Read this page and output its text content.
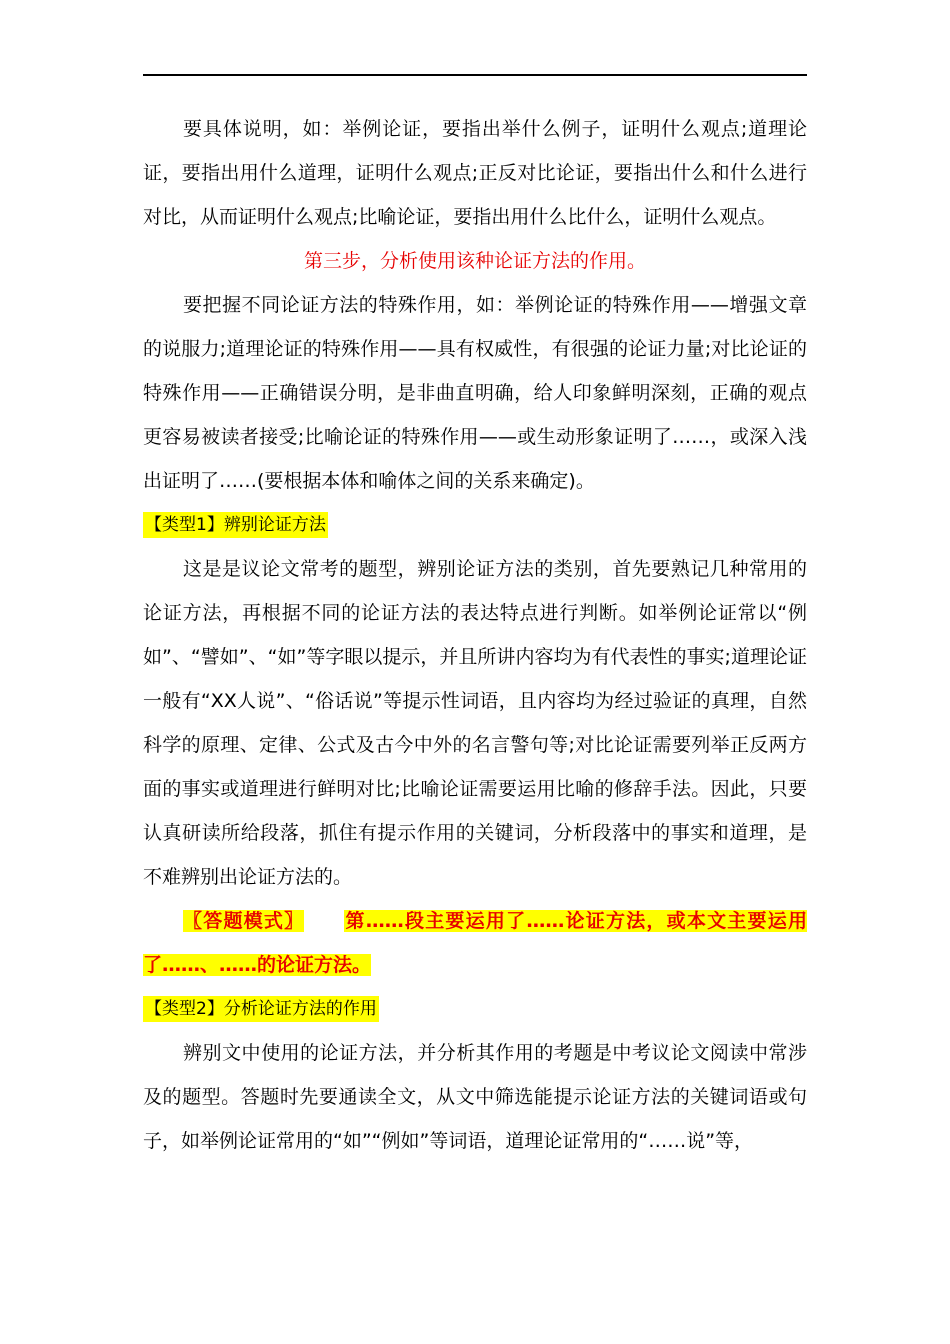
要具体说明，如：举例论证，要指出举什么例子，证明什么观点;道理论证，要指出用什么道理，证明什么观点;正反对比论证，要指出什么和什么进行对比，从而证明什么观点;比喻论证，要指出用什么比什么，证明什么观点。

第三步，分析使用该种论证方法的作用。

要把握不同论证方法的特殊作用，如：举例论证的特殊作用——增强文章的说服力;道理论证的特殊作用——具有权威性，有很强的论证力量;对比论证的特殊作用——正确错误分明，是非曲直明确，给人印象鲜明深刻，正确的观点更容易被读者接受;比喻论证的特殊作用——或生动形象证明了……，或深入浅出证明了……(要根据本体和喻体之间的关系来确定)。

【类型1】辨别论证方法

这是是议论文常考的题型，辨别论证方法的类别，首先要熟记几种常用的论证方法，再根据不同的论证方法的表达特点进行判断。如举例论证常以“例如”、“譬如”、“如”等字眼以提示，并且所讲内容均为有代表性的事实;道理论证一般有“XX人说”、“俗话说”等提示性词语，且内容均为经过验证的真理，自然科学的原理、定律、公式及古今中外的名言警句等;对比论证需要列举正反两方面的事实或道理进行鲜明对比;比喻论证需要运用比喻的修辞手法。因此，只要认真研读所给段落，抓住有提示作用的关键词，分析段落中的事实和道理，是不难辨别出论证方法的。

〖答题模式〗 第……段主要运用了……论证方法，或本文主要运用了……、……的论证方法。

【类型2】分析论证方法的作用

辨别文中使用的论证方法，并分析其作用的考题是中考议论文阅读中常涉及的题型。答题时先要通读全文，从文中筛选能提示论证方法的关键词语或句子，如举例论证常用的“如”“例如”等词语，道理论证常用的“……说”等，
